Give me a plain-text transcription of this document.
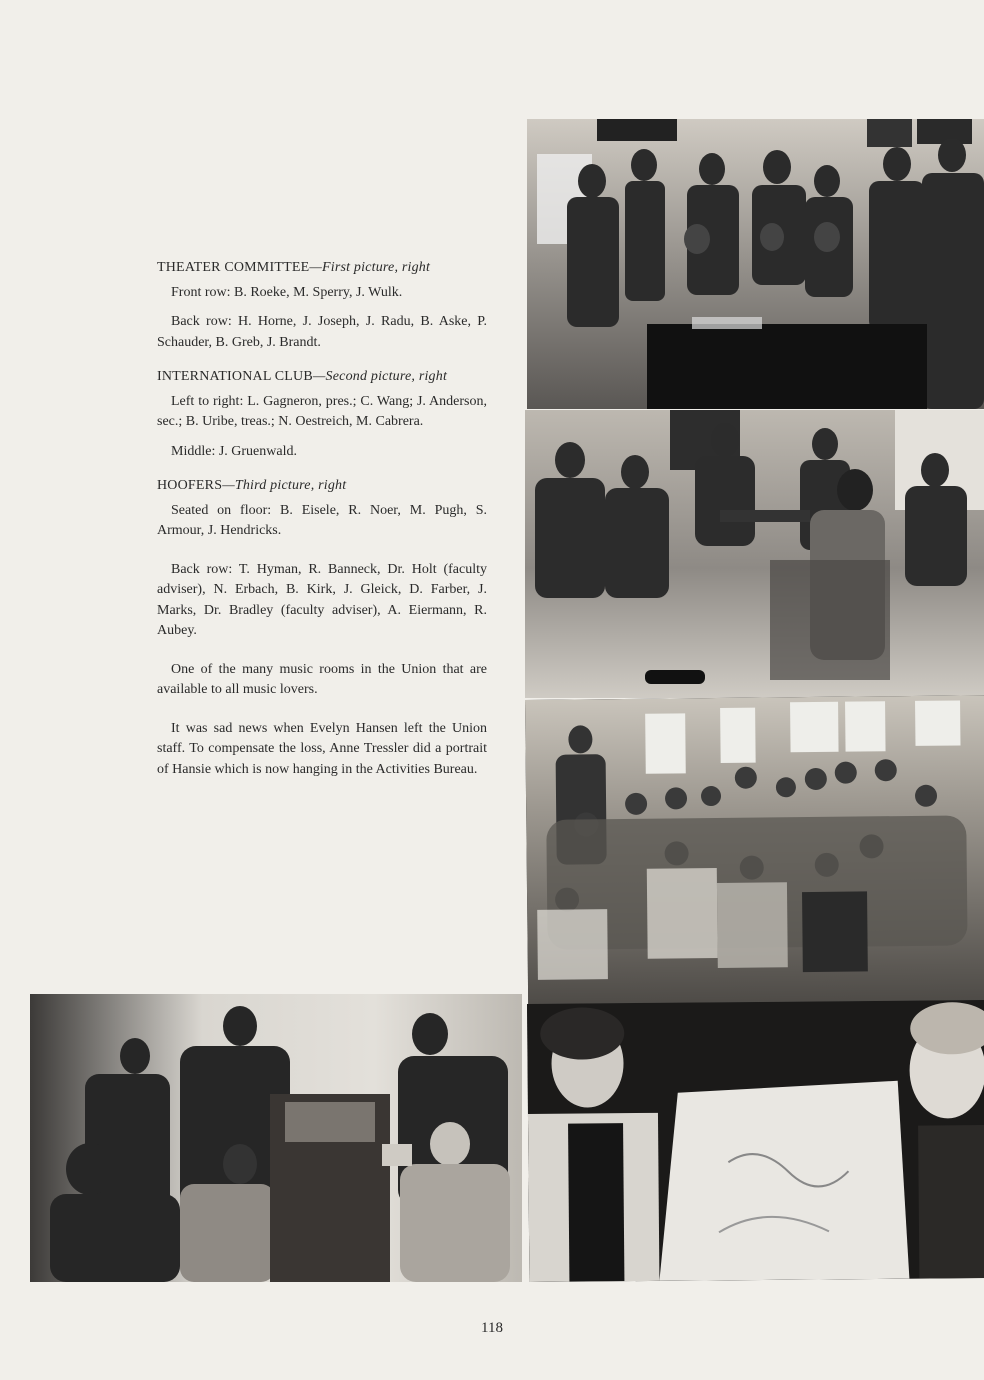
THEATER COMMITTEE—First picture, right

Front row: B. Roeke, M. Sperry, J. Wulk.

Back row: H. Horne, J. Joseph, J. Radu, B. Aske, P. Schauder, B. Greb, J. Brandt.

INTERNATIONAL CLUB—Second picture, right

Left to right: L. Gagneron, pres.; C. Wang; J. Anderson, sec.; B. Uribe, treas.; N. Oestreich, M. Cabrera.

Middle: J. Gruenwald.

HOOFERS—Third picture, right

Seated on floor: B. Eisele, R. Noer, M. Pugh, S. Armour, J. Hendricks.

Back row: T. Hyman, R. Banneck, Dr. Holt (faculty adviser), N. Erbach, B. Kirk, J. Gleick, D. Farber, J. Marks, Dr. Bradley (faculty adviser), A. Eiermann, R. Aubey.

One of the many music rooms in the Union that are available to all music lovers.

It was sad news when Evelyn Hansen left the Union staff. To compensate the loss, Anne Tressler did a portrait of Hansie which is now hanging in the Activities Bureau.

118
